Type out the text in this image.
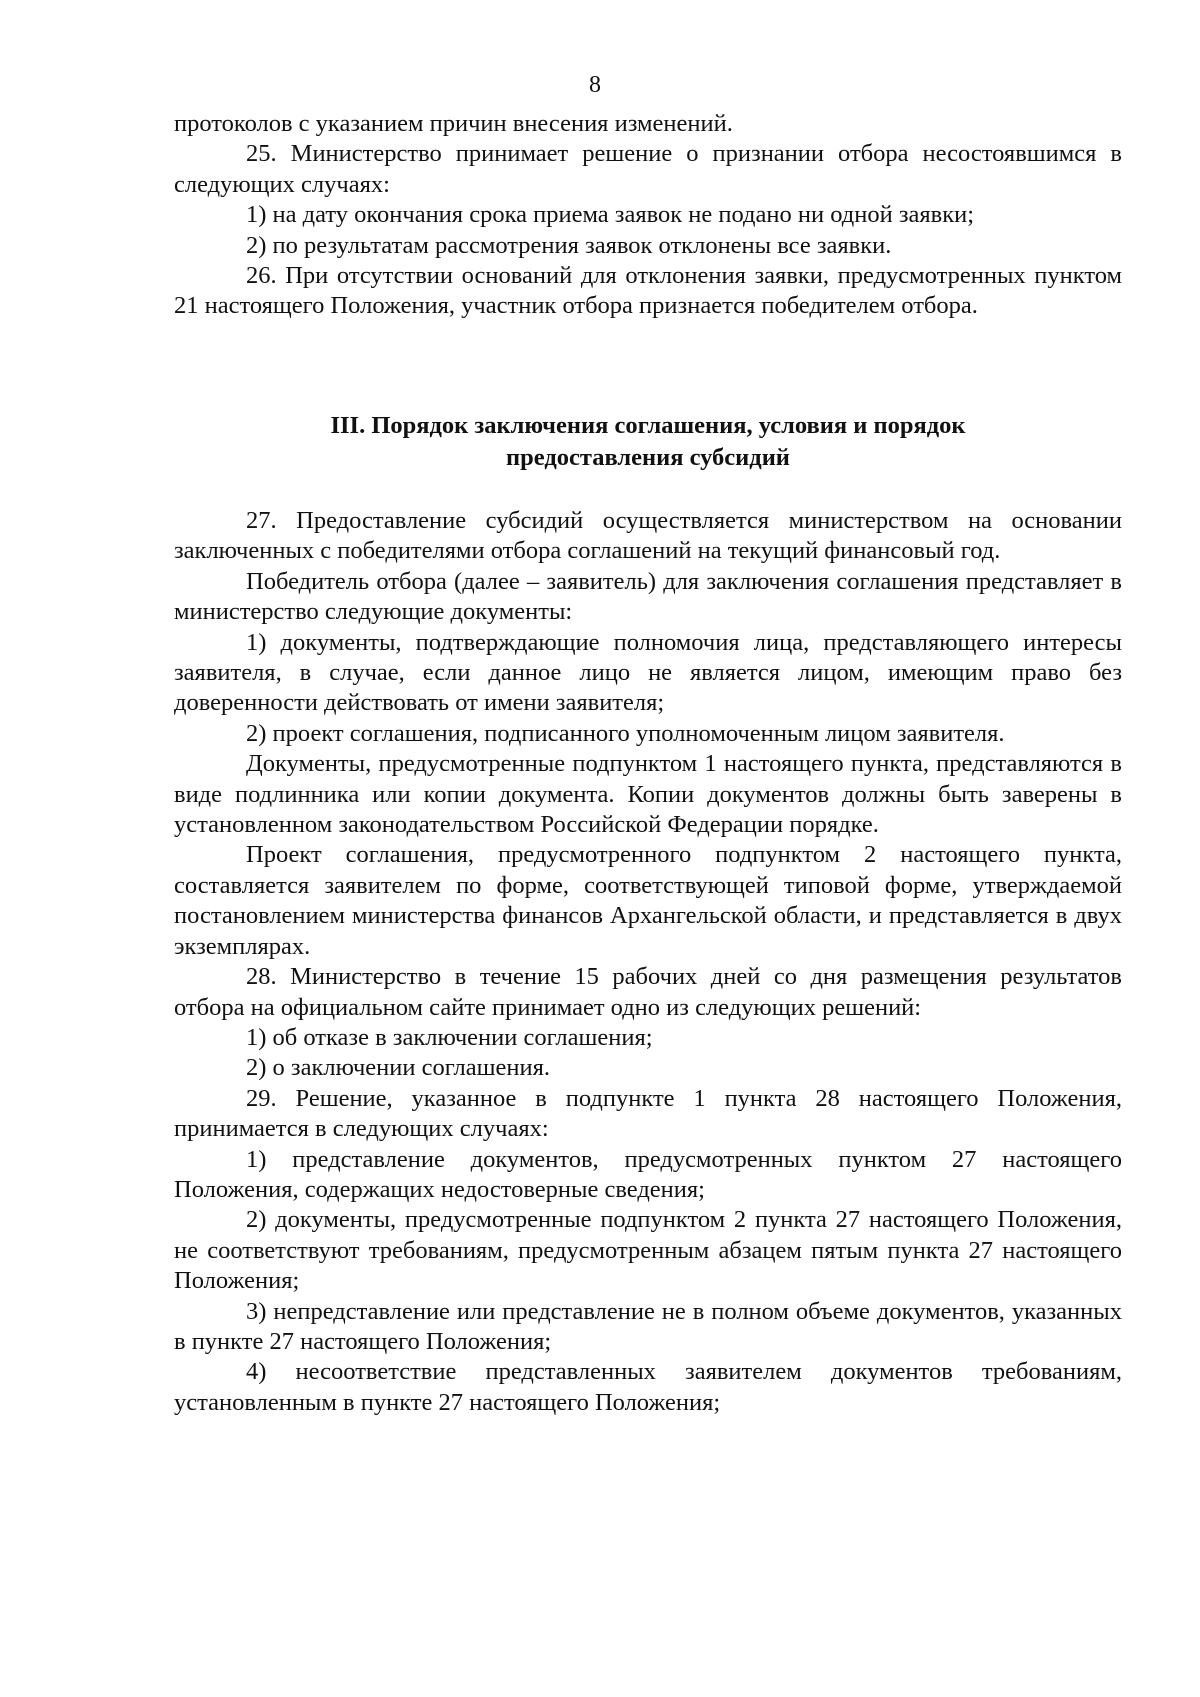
8

протоколов с указанием причин внесения изменений.

25. Министерство принимает решение о признании отбора несостоявшимся в следующих случаях:

1) на дату окончания срока приема заявок не подано ни одной заявки;

2) по результатам рассмотрения заявок отклонены все заявки.

26. При отсутствии оснований для отклонения заявки, предусмотренных пунктом 21 настоящего Положения, участник отбора признается победителем отбора.

III. Порядок заключения соглашения, условия и порядок
предоставления субсидий

27. Предоставление субсидий осуществляется министерством на основании заключенных с победителями отбора соглашений на текущий финансовый год.

Победитель отбора (далее – заявитель) для заключения соглашения представляет в министерство следующие документы:

1) документы, подтверждающие полномочия лица, представляющего интересы заявителя, в случае, если данное лицо не является лицом, имеющим право без доверенности действовать от имени заявителя;

2) проект соглашения, подписанного уполномоченным лицом заявителя.

Документы, предусмотренные подпунктом 1 настоящего пункта, представляются в виде подлинника или копии документа. Копии документов должны быть заверены в установленном законодательством Российской Федерации порядке.

Проект соглашения, предусмотренного подпунктом 2 настоящего пункта, составляется заявителем по форме, соответствующей типовой форме, утверждаемой постановлением министерства финансов Архангельской области, и представляется в двух экземплярах.

28. Министерство в течение 15 рабочих дней со дня размещения результатов отбора на официальном сайте принимает одно из следующих решений:

1) об отказе в заключении соглашения;

2) о заключении соглашения.

29. Решение, указанное в подпункте 1 пункта 28 настоящего Положения, принимается в следующих случаях:

1) представление документов, предусмотренных пунктом 27 настоящего Положения, содержащих недостоверные сведения;

2) документы, предусмотренные подпунктом 2 пункта 27 настоящего Положения, не соответствуют требованиям, предусмотренным абзацем пятым пункта 27 настоящего Положения;

3) непредставление или представление не в полном объеме документов, указанных в пункте 27 настоящего Положения;

4) несоответствие представленных заявителем документов требованиям, установленным в пункте 27 настоящего Положения;
